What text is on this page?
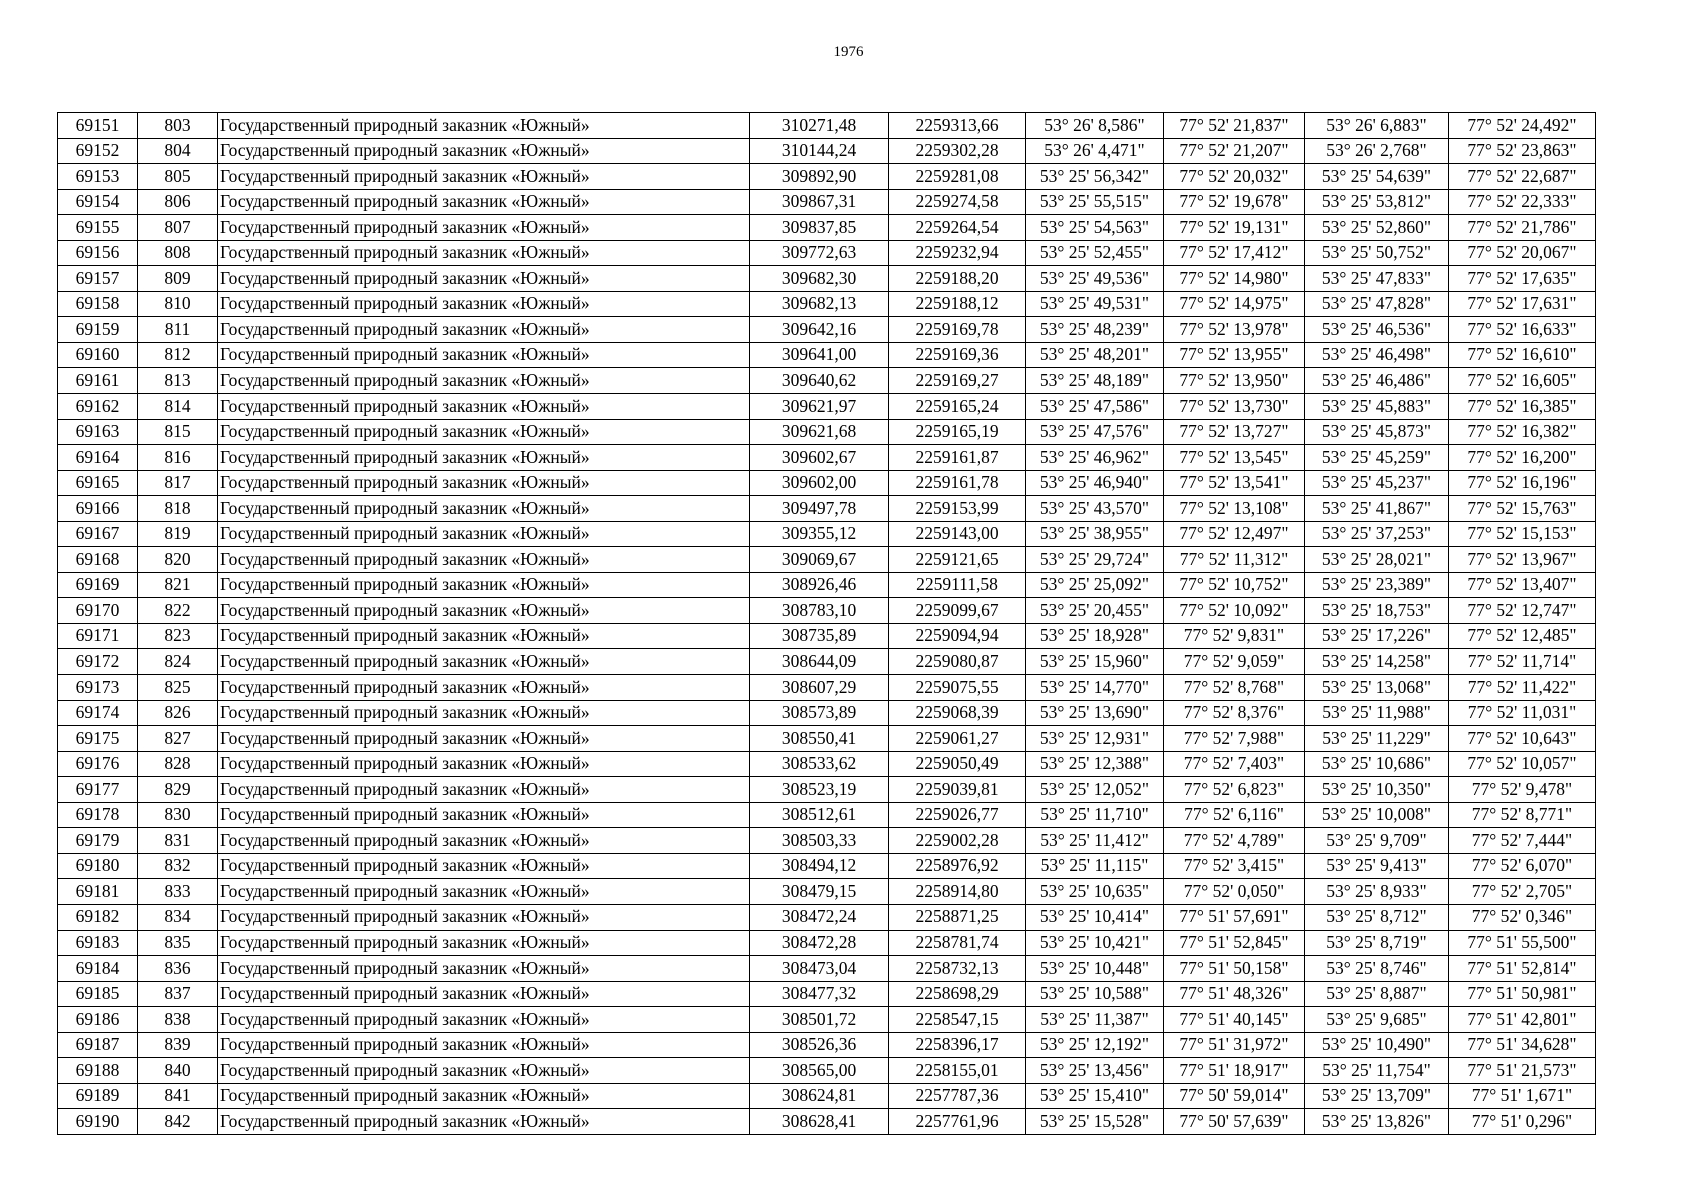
1976
69151	803	Государственный природный заказник «Южный»	310271,48	2259313,66	53° 26' 8,586"	77° 52' 21,837"	53° 26' 6,883"	77° 52' 24,492"
69152	804	Государственный природный заказник «Южный»	310144,24	2259302,28	53° 26' 4,471"	77° 52' 21,207"	53° 26' 2,768"	77° 52' 23,863"
69153	805	Государственный природный заказник «Южный»	309892,90	2259281,08	53° 25' 56,342"	77° 52' 20,032"	53° 25' 54,639"	77° 52' 22,687"
69154	806	Государственный природный заказник «Южный»	309867,31	2259274,58	53° 25' 55,515"	77° 52' 19,678"	53° 25' 53,812"	77° 52' 22,333"
69155	807	Государственный природный заказник «Южный»	309837,85	2259264,54	53° 25' 54,563"	77° 52' 19,131"	53° 25' 52,860"	77° 52' 21,786"
69156	808	Государственный природный заказник «Южный»	309772,63	2259232,94	53° 25' 52,455"	77° 52' 17,412"	53° 25' 50,752"	77° 52' 20,067"
69157	809	Государственный природный заказник «Южный»	309682,30	2259188,20	53° 25' 49,536"	77° 52' 14,980"	53° 25' 47,833"	77° 52' 17,635"
69158	810	Государственный природный заказник «Южный»	309682,13	2259188,12	53° 25' 49,531"	77° 52' 14,975"	53° 25' 47,828"	77° 52' 17,631"
69159	811	Государственный природный заказник «Южный»	309642,16	2259169,78	53° 25' 48,239"	77° 52' 13,978"	53° 25' 46,536"	77° 52' 16,633"
69160	812	Государственный природный заказник «Южный»	309641,00	2259169,36	53° 25' 48,201"	77° 52' 13,955"	53° 25' 46,498"	77° 52' 16,610"
69161	813	Государственный природный заказник «Южный»	309640,62	2259169,27	53° 25' 48,189"	77° 52' 13,950"	53° 25' 46,486"	77° 52' 16,605"
69162	814	Государственный природный заказник «Южный»	309621,97	2259165,24	53° 25' 47,586"	77° 52' 13,730"	53° 25' 45,883"	77° 52' 16,385"
69163	815	Государственный природный заказник «Южный»	309621,68	2259165,19	53° 25' 47,576"	77° 52' 13,727"	53° 25' 45,873"	77° 52' 16,382"
69164	816	Государственный природный заказник «Южный»	309602,67	2259161,87	53° 25' 46,962"	77° 52' 13,545"	53° 25' 45,259"	77° 52' 16,200"
69165	817	Государственный природный заказник «Южный»	309602,00	2259161,78	53° 25' 46,940"	77° 52' 13,541"	53° 25' 45,237"	77° 52' 16,196"
69166	818	Государственный природный заказник «Южный»	309497,78	2259153,99	53° 25' 43,570"	77° 52' 13,108"	53° 25' 41,867"	77° 52' 15,763"
69167	819	Государственный природный заказник «Южный»	309355,12	2259143,00	53° 25' 38,955"	77° 52' 12,497"	53° 25' 37,253"	77° 52' 15,153"
69168	820	Государственный природный заказник «Южный»	309069,67	2259121,65	53° 25' 29,724"	77° 52' 11,312"	53° 25' 28,021"	77° 52' 13,967"
69169	821	Государственный природный заказник «Южный»	308926,46	2259111,58	53° 25' 25,092"	77° 52' 10,752"	53° 25' 23,389"	77° 52' 13,407"
69170	822	Государственный природный заказник «Южный»	308783,10	2259099,67	53° 25' 20,455"	77° 52' 10,092"	53° 25' 18,753"	77° 52' 12,747"
69171	823	Государственный природный заказник «Южный»	308735,89	2259094,94	53° 25' 18,928"	77° 52' 9,831"	53° 25' 17,226"	77° 52' 12,485"
69172	824	Государственный природный заказник «Южный»	308644,09	2259080,87	53° 25' 15,960"	77° 52' 9,059"	53° 25' 14,258"	77° 52' 11,714"
69173	825	Государственный природный заказник «Южный»	308607,29	2259075,55	53° 25' 14,770"	77° 52' 8,768"	53° 25' 13,068"	77° 52' 11,422"
69174	826	Государственный природный заказник «Южный»	308573,89	2259068,39	53° 25' 13,690"	77° 52' 8,376"	53° 25' 11,988"	77° 52' 11,031"
69175	827	Государственный природный заказник «Южный»	308550,41	2259061,27	53° 25' 12,931"	77° 52' 7,988"	53° 25' 11,229"	77° 52' 10,643"
69176	828	Государственный природный заказник «Южный»	308533,62	2259050,49	53° 25' 12,388"	77° 52' 7,403"	53° 25' 10,686"	77° 52' 10,057"
69177	829	Государственный природный заказник «Южный»	308523,19	2259039,81	53° 25' 12,052"	77° 52' 6,823"	53° 25' 10,350"	77° 52' 9,478"
69178	830	Государственный природный заказник «Южный»	308512,61	2259026,77	53° 25' 11,710"	77° 52' 6,116"	53° 25' 10,008"	77° 52' 8,771"
69179	831	Государственный природный заказник «Южный»	308503,33	2259002,28	53° 25' 11,412"	77° 52' 4,789"	53° 25' 9,709"	77° 52' 7,444"
69180	832	Государственный природный заказник «Южный»	308494,12	2258976,92	53° 25' 11,115"	77° 52' 3,415"	53° 25' 9,413"	77° 52' 6,070"
69181	833	Государственный природный заказник «Южный»	308479,15	2258914,80	53° 25' 10,635"	77° 52' 0,050"	53° 25' 8,933"	77° 52' 2,705"
69182	834	Государственный природный заказник «Южный»	308472,24	2258871,25	53° 25' 10,414"	77° 51' 57,691"	53° 25' 8,712"	77° 52' 0,346"
69183	835	Государственный природный заказник «Южный»	308472,28	2258781,74	53° 25' 10,421"	77° 51' 52,845"	53° 25' 8,719"	77° 51' 55,500"
69184	836	Государственный природный заказник «Южный»	308473,04	2258732,13	53° 25' 10,448"	77° 51' 50,158"	53° 25' 8,746"	77° 51' 52,814"
69185	837	Государственный природный заказник «Южный»	308477,32	2258698,29	53° 25' 10,588"	77° 51' 48,326"	53° 25' 8,887"	77° 51' 50,981"
69186	838	Государственный природный заказник «Южный»	308501,72	2258547,15	53° 25' 11,387"	77° 51' 40,145"	53° 25' 9,685"	77° 51' 42,801"
69187	839	Государственный природный заказник «Южный»	308526,36	2258396,17	53° 25' 12,192"	77° 51' 31,972"	53° 25' 10,490"	77° 51' 34,628"
69188	840	Государственный природный заказник «Южный»	308565,00	2258155,01	53° 25' 13,456"	77° 51' 18,917"	53° 25' 11,754"	77° 51' 21,573"
69189	841	Государственный природный заказник «Южный»	308624,81	2257787,36	53° 25' 15,410"	77° 50' 59,014"	53° 25' 13,709"	77° 51' 1,671"
69190	842	Государственный природный заказник «Южный»	308628,41	2257761,96	53° 25' 15,528"	77° 50' 57,639"	53° 25' 13,826"	77° 51' 0,296"
